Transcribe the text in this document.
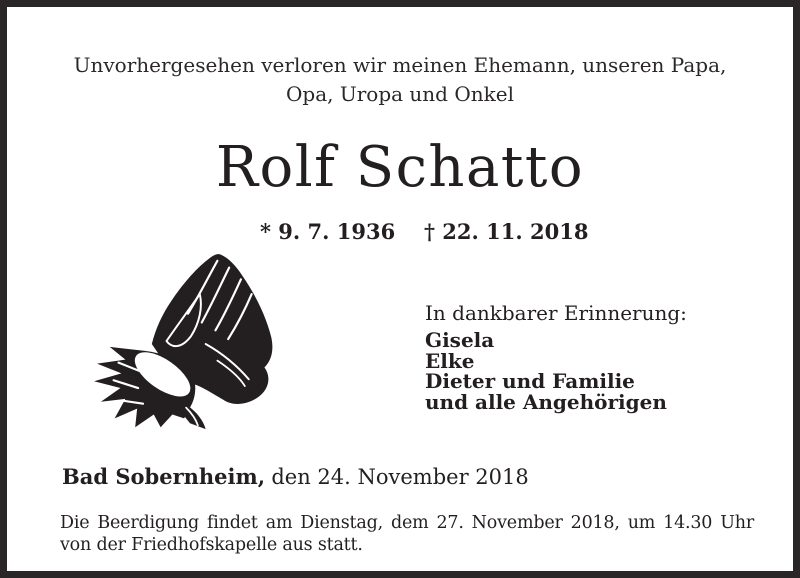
Unvorhergesehen verloren wir meinen Ehemann, unseren Papa,
Opa, Uropa und Onkel
Rolf Schatto
* 9. 7. 1936 † 22. 11. 2018
In dankbarer Erinnerung:
Gisela
Elke
Dieter und Familie
und alle Angehörigen
Bad Sobernheim, den 24. November 2018
Die Beerdigung findet am Dienstag, dem 27. November 2018, um 14.30 Uhr von der Friedhofskapelle aus statt.
